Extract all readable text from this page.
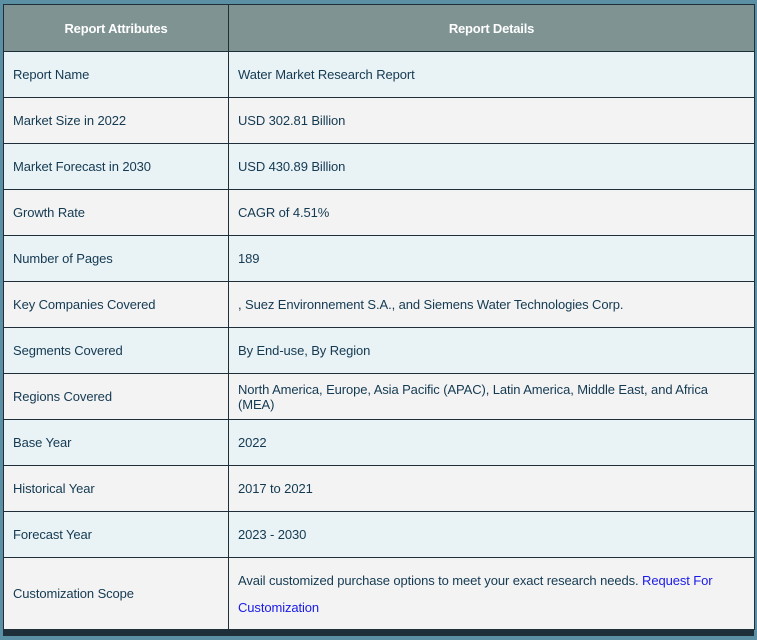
Report Attributes	Report Details
Report Name	Water Market Research Report
Market Size in 2022	USD 302.81 Billion
Market Forecast in 2030	USD 430.89 Billion
Growth Rate	CAGR of 4.51%
Number of Pages	189
Key Companies Covered	, Suez Environnement S.A., and Siemens Water Technologies Corp.
Segments Covered	By End-use, By Region
Regions Covered	North America, Europe, Asia Pacific (APAC), Latin America, Middle East, and Africa (MEA)
Base Year	2022
Historical Year	2017 to 2021
Forecast Year	2023 - 2030
Customization Scope	Avail customized purchase options to meet your exact research needs. Request For Customization
